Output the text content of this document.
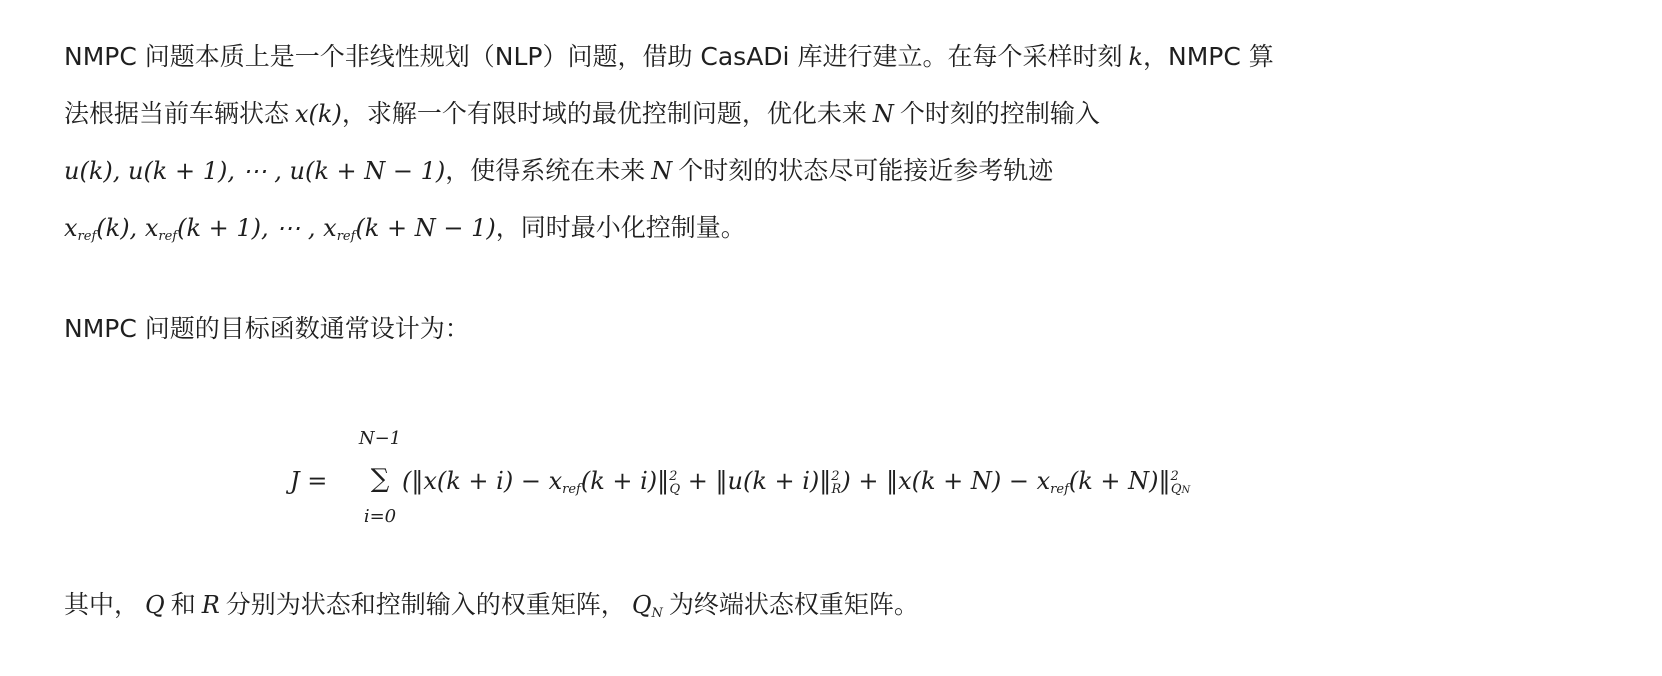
NMPC 问题本质上是一个非线性规划（NLP）问题，借助 CasADi 库进行建立。在每个采样时刻 k，NMPC 算
法根据当前车辆状态 x(k)，求解一个有限时域的最优控制问题，优化未来 N 个时刻的控制输入
u(k), u(k + 1), ⋯ , u(k + N − 1)，使得系统在未来 N 个时刻的状态尽可能接近参考轨迹
xref(k), xref(k + 1), ⋯ , xref(k + N − 1)，同时最小化控制量。
NMPC 问题的目标函数通常设计为：
J =
N−1
∑
i=0
(‖x(k + i) − xref(k + i)‖$^2$Q + ‖u(k + i)‖$^2$R) + ‖x(k + N) − xref(k + N)‖$^2$QN
其中， Q 和 R 分别为状态和控制输入的权重矩阵， QN 为终端状态权重矩阵。
